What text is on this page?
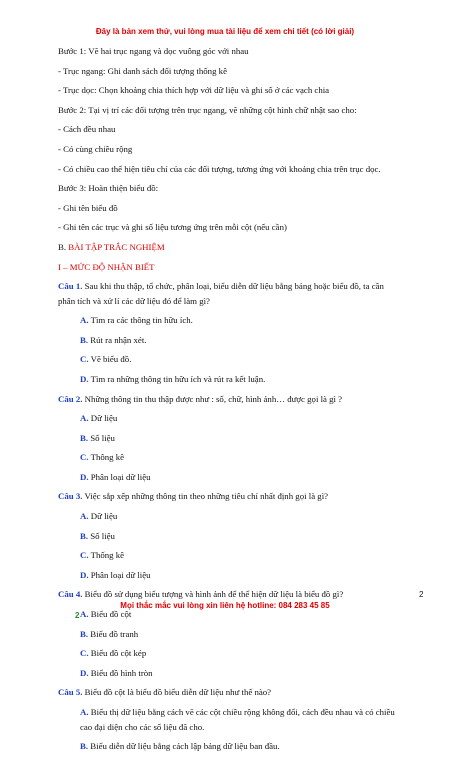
Đây là bản xem thử, vui lòng mua tài liệu để xem chi tiết (có lời giải)
Bước 1: Vẽ hai trục ngang và dọc vuông góc với nhau
- Trục ngang: Ghi danh sách đối tượng thống kê
- Trục dọc: Chọn khoảng chia thích hợp với dữ liệu và ghi số ở các vạch chia
Bước 2: Tại vị trí các đối tượng trên trục ngang, vẽ những cột hình chữ nhật sao cho:
- Cách đều nhau
- Có cùng chiều rộng
- Có chiều cao thể hiện tiêu chí của các đối tượng, tương ứng với khoảng chia trên trục dọc.
Bước 3: Hoàn thiện biểu đồ:
- Ghi tên biểu đồ
- Ghi tên các trục và ghi số liệu tương ứng trên mỗi cột (nếu cần)
B. BÀI TẬP TRẮC NGHIỆM
I – MỨC ĐỘ NHẬN BIẾT
Câu 1. Sau khi thu thập, tổ chức, phân loại, biểu diễn dữ liệu bằng bảng hoặc biểu đồ, ta cần phân tích và xử lí các dữ liệu đó để làm gì?
A. Tìm ra các thông tin hữu ích.
B. Rút ra nhận xét.
C. Vẽ biểu đồ.
D. Tìm ra những thông tin hữu ích và rút ra kết luận.
Câu 2. Những thông tin thu thập được như : số, chữ, hình ảnh… được gọi là gì ?
A. Dữ liệu
B. Số liệu
C. Thông kê
D. Phân loại dữ liệu
Câu 3. Việc sắp xếp những thông tin theo những tiêu chí nhất định gọi là gì?
A. Dữ liệu
B. Số liệu
C. Thống kê
D. Phân loại dữ liệu
Câu 4. Biểu đồ sử dụng biểu tượng và hình ảnh để thể hiện dữ liệu là biểu đồ gì?
A. Biểu đồ cột
B. Biểu đồ tranh
C. Biểu đồ cột kép
D. Biểu đồ hình tròn
Câu 5. Biểu đồ cột là biểu đồ biểu diễn dữ liệu như thế nào?
A. Biểu thị dữ liệu bằng cách vẽ các cột chiều rộng không đổi, cách đều nhau và có chiều cao đại diện cho các số liệu đã cho.
B. Biểu diễn dữ liệu bằng cách lập bảng dữ liệu ban đầu.
2
Mọi thắc mắc vui lòng xin liên hệ hotline: 084 283 45 85
2
